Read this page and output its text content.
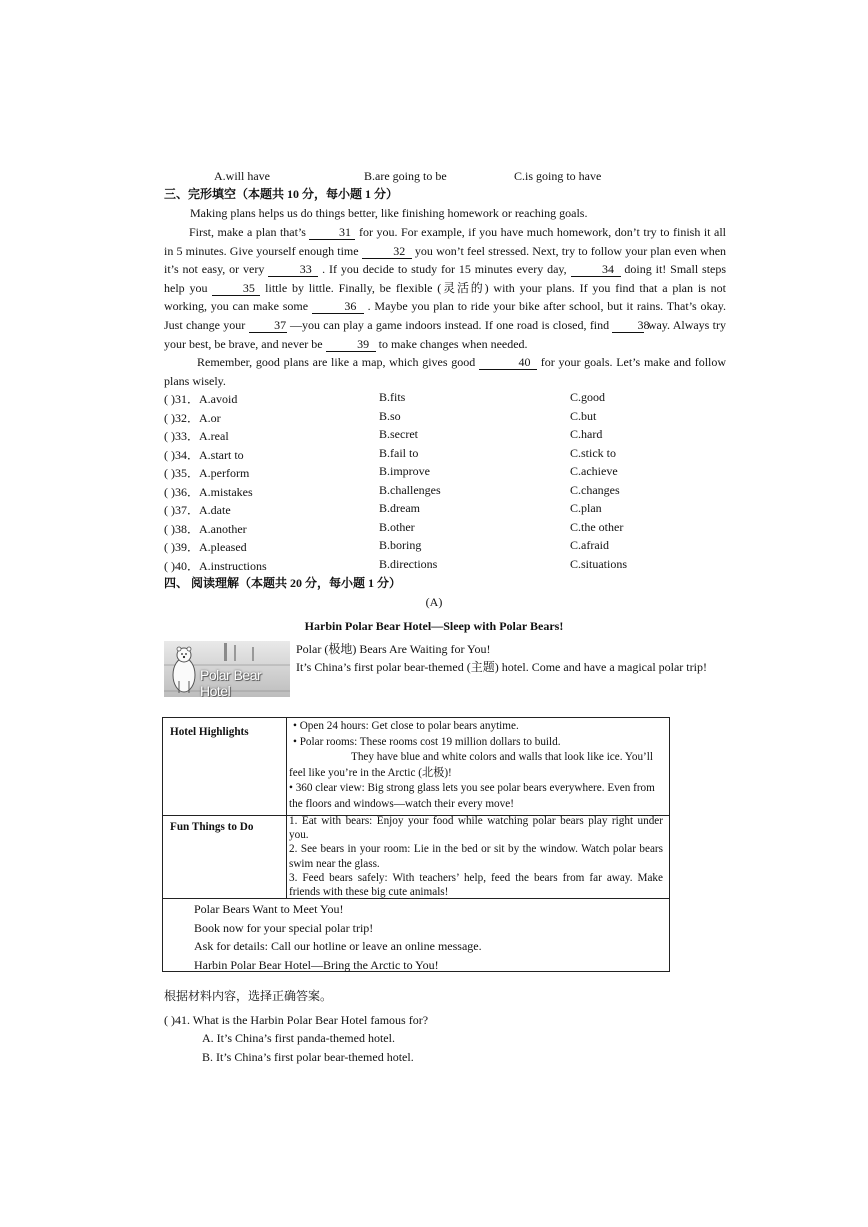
A.will have	B.are going to be	C.is going to have
三、完形填空（本题共 10 分，每小题 1 分）
Making plans helps us do things better, like finishing homework or reaching goals.
First, make a plan that’s	31 for you. For example, if you have much homework, don’t try to finish it all in 5 minutes. Give yourself enough time	32 you won’t feel stressed. Next, try to follow your plan even when it’s not easy, or very	33 . If you decide to study for 15 minutes every day,	34 doing it! Small steps help you	35 little by little. Finally, be flexible (灵活的) with your plans. If you find that a plan is not working, you can make some	36 . Maybe you plan to ride your bike after school, but it rains. That’s okay. Just change your 37 —you can play a game indoors instead. If one road is closed, find 38 way. Always try your best, be brave, and never be	39 to make changes when needed.
Remember, good plans are like a map, which gives good	40 for your goals. Let’s make and follow plans wisely.
( )31．A.avoid	B.fits	C.good
( )32．A.or	B.so	C.but
( )33．A.real	B.secret	C.hard
( )34．A.start to	B.fail to	C.stick to
( )35．A.perform	B.improve	C.achieve
( )36．A.mistakes	B.challenges	C.changes
( )37．A.date	B.dream	C.plan
( )38．A.another	B.other	C.the other
( )39．A.pleased	B.boring	C.afraid
( )40．A.instructions	B.directions	C.situations
四、 阅读理解（本题共 20 分，每小题 1 分）
(A)
Harbin Polar Bear Hotel—Sleep with Polar Bears!
Polar Bear Hotel
Polar (极地) Bears Are Waiting for You!
It’s China’s first polar bear-themed (主题) hotel. Come and have a magical polar trip!
Hotel Highlights	• Open 24 hours: Get close to polar bears anytime.
• Polar rooms: These rooms cost 19 million dollars to build.
They have blue and white colors and walls that look like ice. You’ll feel like you’re in the Arctic (北极)!
• 360 clear view: Big strong glass lets you see polar bears everywhere. Even from the floors and windows—watch their every move!
Fun Things to Do	1. Eat with bears: Enjoy your food while watching polar bears play right under you.
2. See bears in your room: Lie in the bed or sit by the window. Watch polar bears swim near the glass.
3. Feed bears safely: With teachers’ help, feed the bears from far away. Make friends with these big cute animals!
Polar Bears Want to Meet You!
Book now for your special polar trip!
Ask for details: Call our hotline or leave an online message.
Harbin Polar Bear Hotel—Bring the Arctic to You!
根据材料内容，选择正确答案。
( )41. What is the Harbin Polar Bear Hotel famous for?
A. It’s China’s first panda-themed hotel.
B. It’s China’s first polar bear-themed hotel.
